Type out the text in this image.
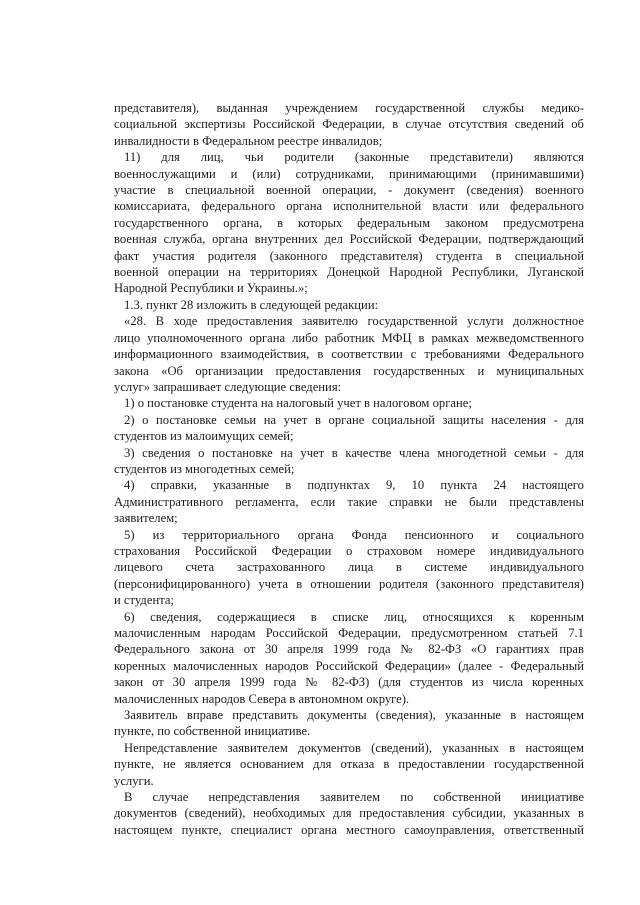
представителя), выданная учреждением государственной службы медико-
социальной экспертизы Российской Федерации, в случае отсутствия сведений об
инвалидности в Федеральном реестре инвалидов;
11) для лиц, чьи родители (законные представители) являются
военнослужащими и (или) сотрудниками, принимающими (принимавшими)
участие в специальной военной операции, - документ (сведения) военного
комиссариата, федерального органа исполнительной власти или федерального
государственного органа, в которых федеральным законом предусмотрена
военная служба, органа внутренних дел Российской Федерации, подтверждающий
факт участия родителя (законного представителя) студента в специальной
военной операции на территориях Донецкой Народной Республики, Луганской
Народной Республики и Украины.»;
1.3. пункт 28 изложить в следующей редакции:
«28. В ходе предоставления заявителю государственной услуги должностное
лицо уполномоченного органа либо работник МФЦ в рамках межведомственного
информационного взаимодействия, в соответствии с требованиями Федерального
закона «Об организации предоставления государственных и муниципальных
услуг» запрашивает следующие сведения:
1) о постановке студента на налоговый учет в налоговом органе;
2) о постановке семьи на учет в органе социальной защиты населения - для
студентов из малоимущих семей;
3) сведения о постановке на учет в качестве члена многодетной семьи - для
студентов из многодетных семей;
4) справки, указанные в подпунктах 9, 10 пункта 24 настоящего
Административного регламента, если такие справки не были представлены
заявителем;
5) из территориального органа Фонда пенсионного и социального
страхования Российской Федерации о страховом номере индивидуального
лицевого счета застрахованного лица в системе индивидуального
(персонифицированного) учета в отношении родителя (законного представителя)
и студента;
6) сведения, содержащиеся в списке лиц, относящихся к коренным
малочисленным народам Российской Федерации, предусмотренном статьей 7.1
Федерального закона от 30 апреля 1999 года № 82-ФЗ «О гарантиях прав
коренных малочисленных народов Российской Федерации» (далее - Федеральный
закон от 30 апреля 1999 года № 82-ФЗ) (для студентов из числа коренных
малочисленных народов Севера в автономном округе).
Заявитель вправе представить документы (сведения), указанные в настоящем
пункте, по собственной инициативе.
Непредставление заявителем документов (сведений), указанных в настоящем
пункте, не является основанием для отказа в предоставлении государственной
услуги.
В случае непредставления заявителем по собственной инициативе
документов (сведений), необходимых для предоставления субсидии, указанных в
настоящем пункте, специалист органа местного самоуправления, ответственный
